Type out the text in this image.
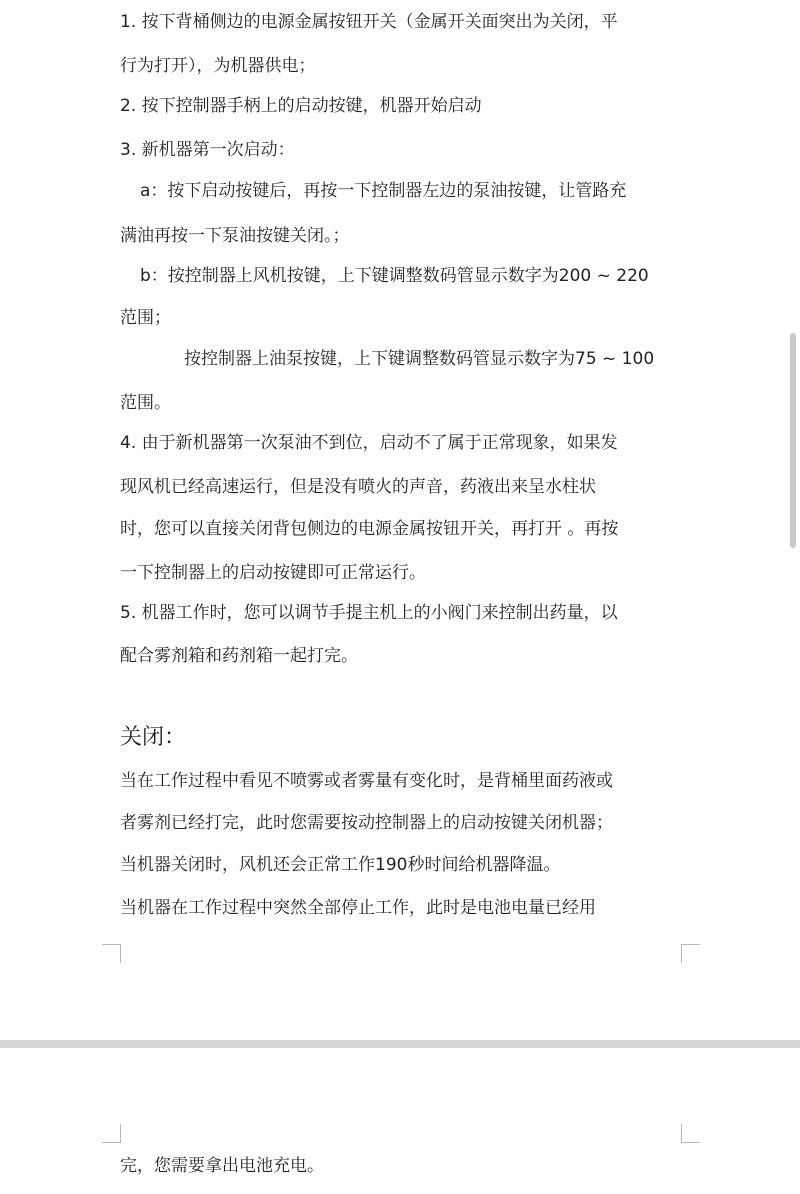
1. 按下背桶侧边的电源金属按钮开关（金属开关面突出为关闭，平
行为打开），为机器供电；
2. 按下控制器手柄上的启动按键，机器开始启动
3. 新机器第一次启动：
a：按下启动按键后，再按一下控制器左边的泵油按键，让管路充
满油再按一下泵油按键关闭。；
b：按控制器上风机按键，上下键调整数码管显示数字为200 ~ 220
范围；
按控制器上油泵按键，上下键调整数码管显示数字为75 ~ 100
范围。
4. 由于新机器第一次泵油不到位，启动不了属于正常现象，如果发
现风机已经高速运行，但是没有喷火的声音，药液出来呈水柱状
时，您可以直接关闭背包侧边的电源金属按钮开关，再打开 。再按
一下控制器上的启动按键即可正常运行。
5. 机器工作时，您可以调节手提主机上的小阀门来控制出药量，以
配合雾剂箱和药剂箱一起打完。
关闭：
当在工作过程中看见不喷雾或者雾量有变化时，是背桶里面药液或
者雾剂已经打完，此时您需要按动控制器上的启动按键关闭机器；
当机器关闭时，风机还会正常工作190秒时间给机器降温。
当机器在工作过程中突然全部停止工作，此时是电池电量已经用
完，您需要拿出电池充电。
